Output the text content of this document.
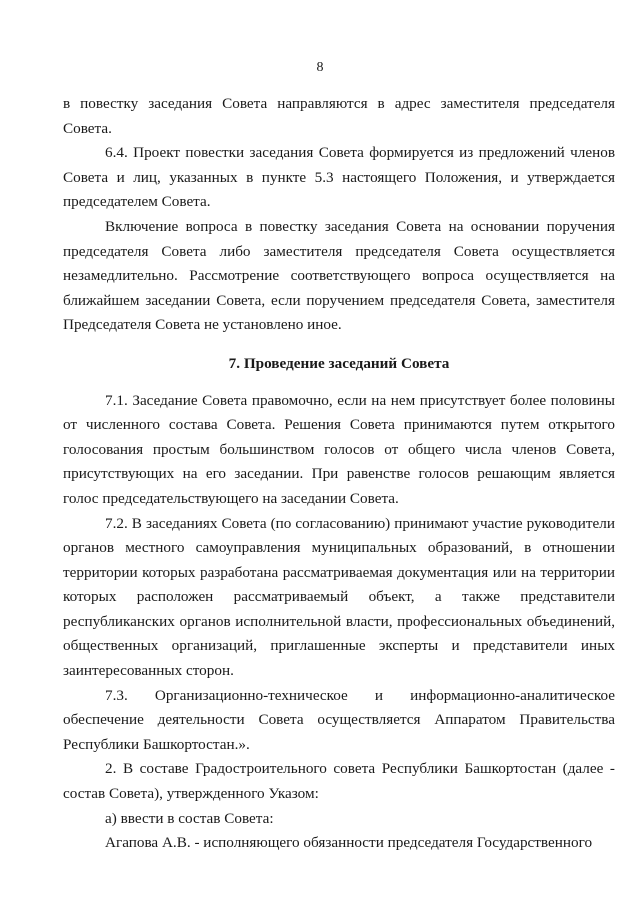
8

в повестку заседания Совета направляются в адрес заместителя председателя Совета.

6.4. Проект повестки заседания Совета формируется из предложений членов Совета и лиц, указанных в пункте 5.3 настоящего Положения, и утверждается председателем Совета.

Включение вопроса в повестку заседания Совета на основании поручения председателя Совета либо заместителя председателя Совета осуществляется незамедлительно. Рассмотрение соответствующего вопроса осуществляется на ближайшем заседании Совета, если поручением председателя Совета, заместителя Председателя Совета не установлено иное.

7. Проведение заседаний Совета

7.1. Заседание Совета правомочно, если на нем присутствует более половины от численного состава Совета. Решения Совета принимаются путем открытого голосования простым большинством голосов от общего числа членов Совета, присутствующих на его заседании. При равенстве голосов решающим является голос председательствующего на заседании Совета.

7.2. В заседаниях Совета (по согласованию) принимают участие руководители органов местного самоуправления муниципальных образований, в отношении территории которых разработана рассматриваемая документация или на территории которых расположен рассматриваемый объект, а также представители республиканских органов исполнительной власти, профессиональных объединений, общественных организаций, приглашенные эксперты и представители иных заинтересованных сторон.

7.3. Организационно-техническое и информационно-аналитическое обеспечение деятельности Совета осуществляется Аппаратом Правительства Республики Башкортостан.».

2. В составе Градостроительного совета Республики Башкортостан (далее - состав Совета), утвержденного Указом:

а) ввести в состав Совета:

Агапова А.В. - исполняющего обязанности председателя Государственного
